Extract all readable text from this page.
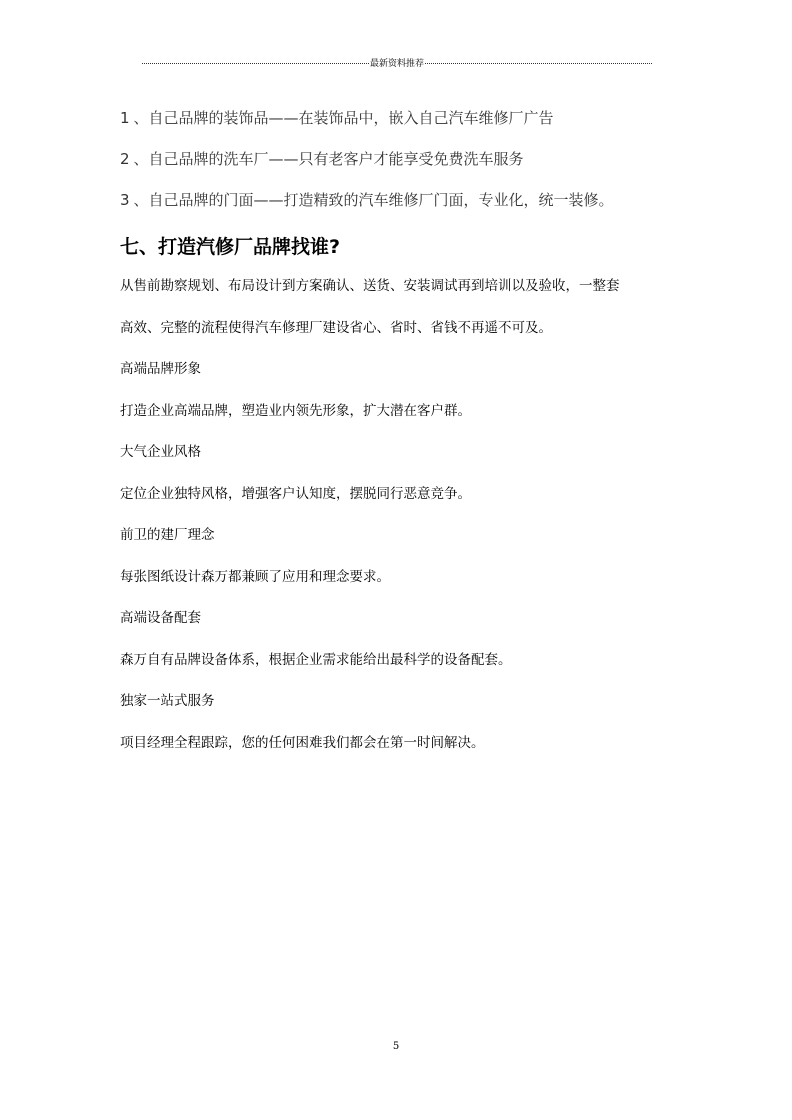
最新资料推荐
1 、自己品牌的装饰品——在装饰品中，嵌入自己汽车维修厂广告
2 、自己品牌的洗车厂——只有老客户才能享受免费洗车服务
3 、自己品牌的门面——打造精致的汽车维修厂门面，专业化，统一装修。
七、打造汽修厂品牌找谁?
从售前勘察规划、布局设计到方案确认、送货、安装调试再到培训以及验收，一整套
高效、完整的流程使得汽车修理厂建设省心、省时、省钱不再遥不可及。
高端品牌形象
打造企业高端品牌，塑造业内领先形象，扩大潜在客户群。
大气企业风格
定位企业独特风格，增强客户认知度，摆脱同行恶意竞争。
前卫的建厂理念
每张图纸设计森万都兼顾了应用和理念要求。
高端设备配套
森万自有品牌设备体系，根据企业需求能给出最科学的设备配套。
独家一站式服务
项目经理全程跟踪，您的任何困难我们都会在第一时间解决。
5
